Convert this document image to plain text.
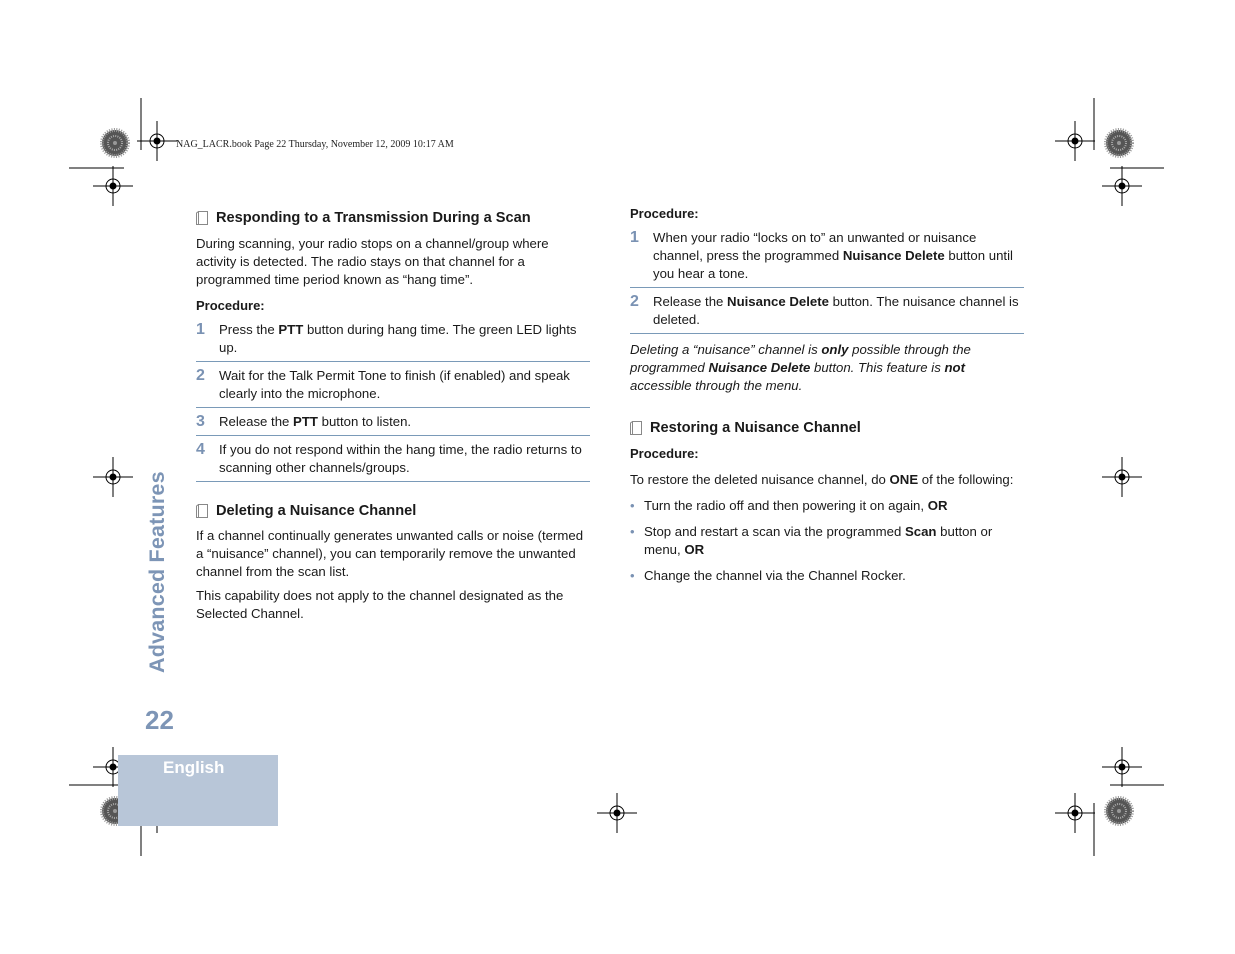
NAG_LACR.book Page 22 Thursday, November 12, 2009 10:17 AM
Advanced Features
22
English
Responding to a Transmission During a Scan

During scanning, your radio stops on a channel/group where activity is detected. The radio stays on that channel for a programmed time period known as “hang time”.

Procedure:

1	Press the PTT button during hang time. The green LED lights up.
2	Wait for the Talk Permit Tone to finish (if enabled) and speak clearly into the microphone.
3	Release the PTT button to listen.
4	If you do not respond within the hang time, the radio returns to scanning other channels/groups.
Deleting a Nuisance Channel

If a channel continually generates unwanted calls or noise (termed a “nuisance” channel), you can temporarily remove the unwanted channel from the scan list.

This capability does not apply to the channel designated as the Selected Channel.

Procedure:

1	When your radio “locks on to” an unwanted or nuisance channel, press the programmed Nuisance Delete button until you hear a tone.
2	Release the Nuisance Delete button. The nuisance channel is deleted.

Deleting a “nuisance” channel is only possible through the programmed Nuisance Delete button. This feature is not accessible through the menu.

Restoring a Nuisance Channel

Procedure:

To restore the deleted nuisance channel, do ONE of the following:

• Turn the radio off and then powering it on again, OR
• Stop and restart a scan via the programmed Scan button or menu, OR
• Change the channel via the Channel Rocker.
